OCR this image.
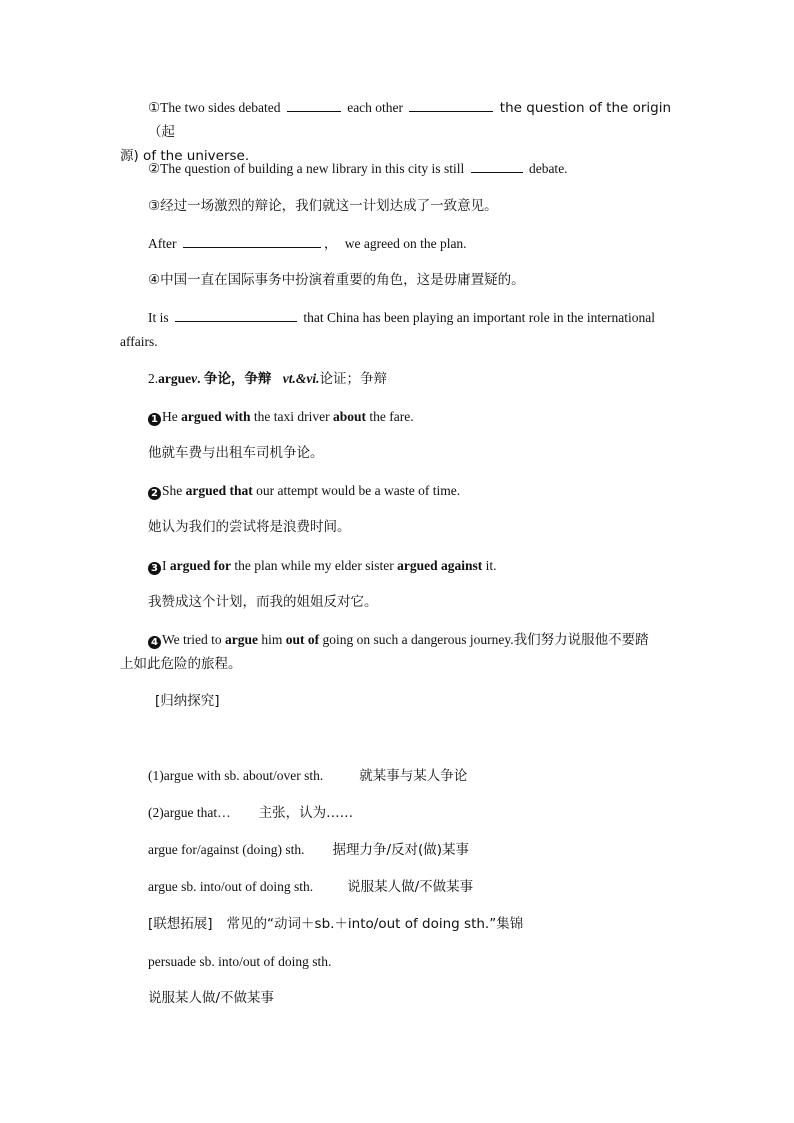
①The two sides debated	each other	the question of the origin（起
源) of the universe.
②The question of building a new library in this city is still	debate.
③经过一场激烈的辩论，我们就这一计划达成了一致意见。
After	， we agreed on the plan.
④中国一直在国际事务中扮演着重要的角色，这是毋庸置疑的。
It is	that China has been playing an important role in the international
affairs.
2.arguev. 争论，争辩 vt.&vi.论证；争辩
1 He argued with the taxi driver about the fare.
他就车费与出租车司机争论。
2 She argued that our attempt would be a waste of time.
她认为我们的尝试将是浪费时间。
3 I argued for the plan while my elder sister argued against it.
我赞成这个计划，而我的姐姐反对它。
4 We tried to argue him out of going on such a dangerous journey.我们努力说服他不要踏
上如此危险的旅程。
[归纳探究]
(1)argue with sb. about/over sth.	就某事与某人争论
(2)argue that… 主张，认为……
argue for/against (doing) sth. 据理力争/反对(做)某事
argue sb. into/out of doing sth.	说服某人做/不做某事
[联想拓展] 常见的“动词＋sb.＋into/out of doing sth.”集锦
persuade sb. into/out of doing sth.
说服某人做/不做某事
